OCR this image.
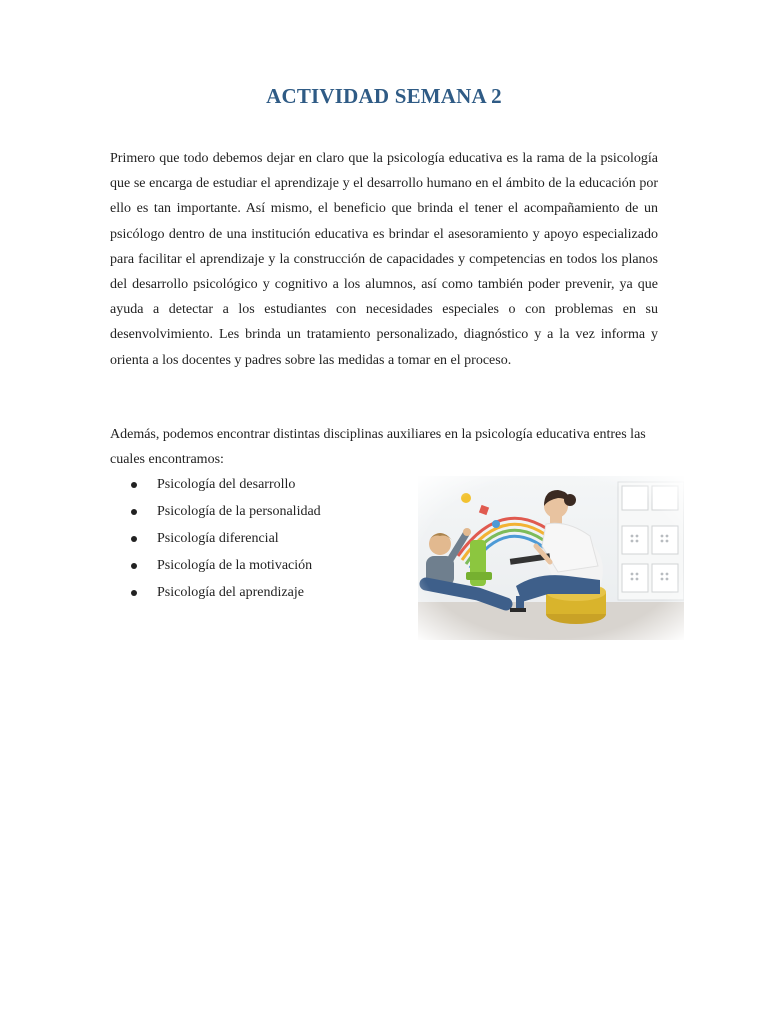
ACTIVIDAD SEMANA 2

Primero que todo debemos dejar en claro que la psicología educativa es la rama de la psicología que se encarga de estudiar el aprendizaje y el desarrollo humano en el ámbito de la educación por ello es tan importante. Así mismo, el beneficio que brinda el tener el acompañamiento de un psicólogo dentro de una institución educativa es brindar el asesoramiento y apoyo especializado para facilitar el aprendizaje y la construcción de capacidades y competencias en todos los planos del desarrollo psicológico y cognitivo a los alumnos, así como también poder prevenir, ya que ayuda a detectar a los estudiantes con necesidades especiales o con problemas en su desenvolvimiento. Les brinda un tratamiento personalizado, diagnóstico y a la vez informa y orienta a los docentes y padres sobre las medidas a tomar en el proceso.

Además, podemos encontrar distintas disciplinas auxiliares en la psicología educativa entres las cuales encontramos:

Psicología del desarrollo
Psicología de la personalidad
Psicología diferencial
Psicología de la motivación
Psicología del aprendizaje
